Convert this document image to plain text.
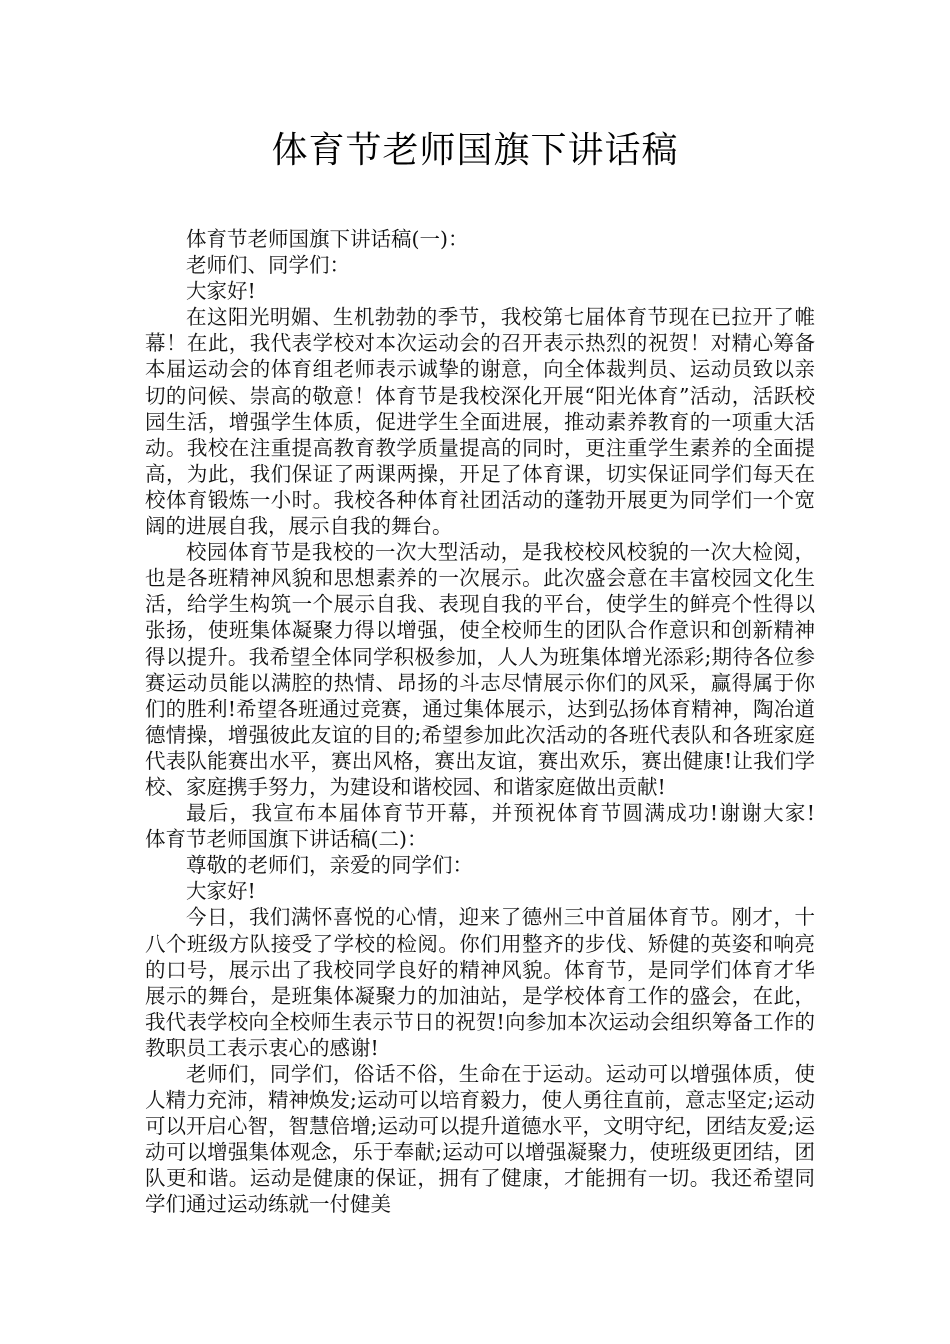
体育节老师国旗下讲话稿

体育节老师国旗下讲话稿(一)：

老师们、同学们：

大家好!

在这阳光明媚、生机勃勃的季节，我校第七届体育节现在已拉开了帷幕！在此，我代表学校对本次运动会的召开表示热烈的祝贺！对精心筹备本届运动会的体育组老师表示诚挚的谢意，向全体裁判员、运动员致以亲切的问候、崇高的敬意！体育节是我校深化开展“阳光体育”活动，活跃校园生活，增强学生体质，促进学生全面进展，推动素养教育的一项重大活动。我校在注重提高教育教学质量提高的同时，更注重学生素养的全面提高，为此，我们保证了两课两操，开足了体育课，切实保证同学们每天在校体育锻炼一小时。我校各种体育社团活动的蓬勃开展更为同学们一个宽阔的进展自我，展示自我的舞台。

校园体育节是我校的一次大型活动，是我校校风校貌的一次大检阅，也是各班精神风貌和思想素养的一次展示。此次盛会意在丰富校园文化生活，给学生构筑一个展示自我、表现自我的平台，使学生的鲜亮个性得以张扬，使班集体凝聚力得以增强，使全校师生的团队合作意识和创新精神得以提升。我希望全体同学积极参加，人人为班集体增光添彩;期待各位参赛运动员能以满腔的热情、昂扬的斗志尽情展示你们的风采，赢得属于你们的胜利!希望各班通过竞赛，通过集体展示，达到弘扬体育精神，陶冶道德情操，增强彼此友谊的目的;希望参加此次活动的各班代表队和各班家庭代表队能赛出水平，赛出风格，赛出友谊，赛出欢乐，赛出健康!让我们学校、家庭携手努力，为建设和谐校园、和谐家庭做出贡献!

最后，我宣布本届体育节开幕，并预祝体育节圆满成功!谢谢大家!　　体育节老师国旗下讲话稿(二)：

尊敬的老师们，亲爱的同学们：

大家好!

今日，我们满怀喜悦的心情，迎来了德州三中首届体育节。刚才，十八个班级方队接受了学校的检阅。你们用整齐的步伐、矫健的英姿和响亮的口号，展示出了我校同学良好的精神风貌。体育节，是同学们体育才华展示的舞台，是班集体凝聚力的加油站，是学校体育工作的盛会，在此，我代表学校向全校师生表示节日的祝贺!向参加本次运动会组织筹备工作的教职员工表示衷心的感谢!

老师们，同学们，俗话不俗，生命在于运动。运动可以增强体质，使人精力充沛，精神焕发;运动可以培育毅力，使人勇往直前，意志坚定;运动可以开启心智，智慧倍增;运动可以提升道德水平，文明守纪，团结友爱;运动可以增强集体观念，乐于奉献;运动可以增强凝聚力，使班级更团结，团队更和谐。运动是健康的保证，拥有了健康，才能拥有一切。我还希望同学们通过运动练就一付健美
